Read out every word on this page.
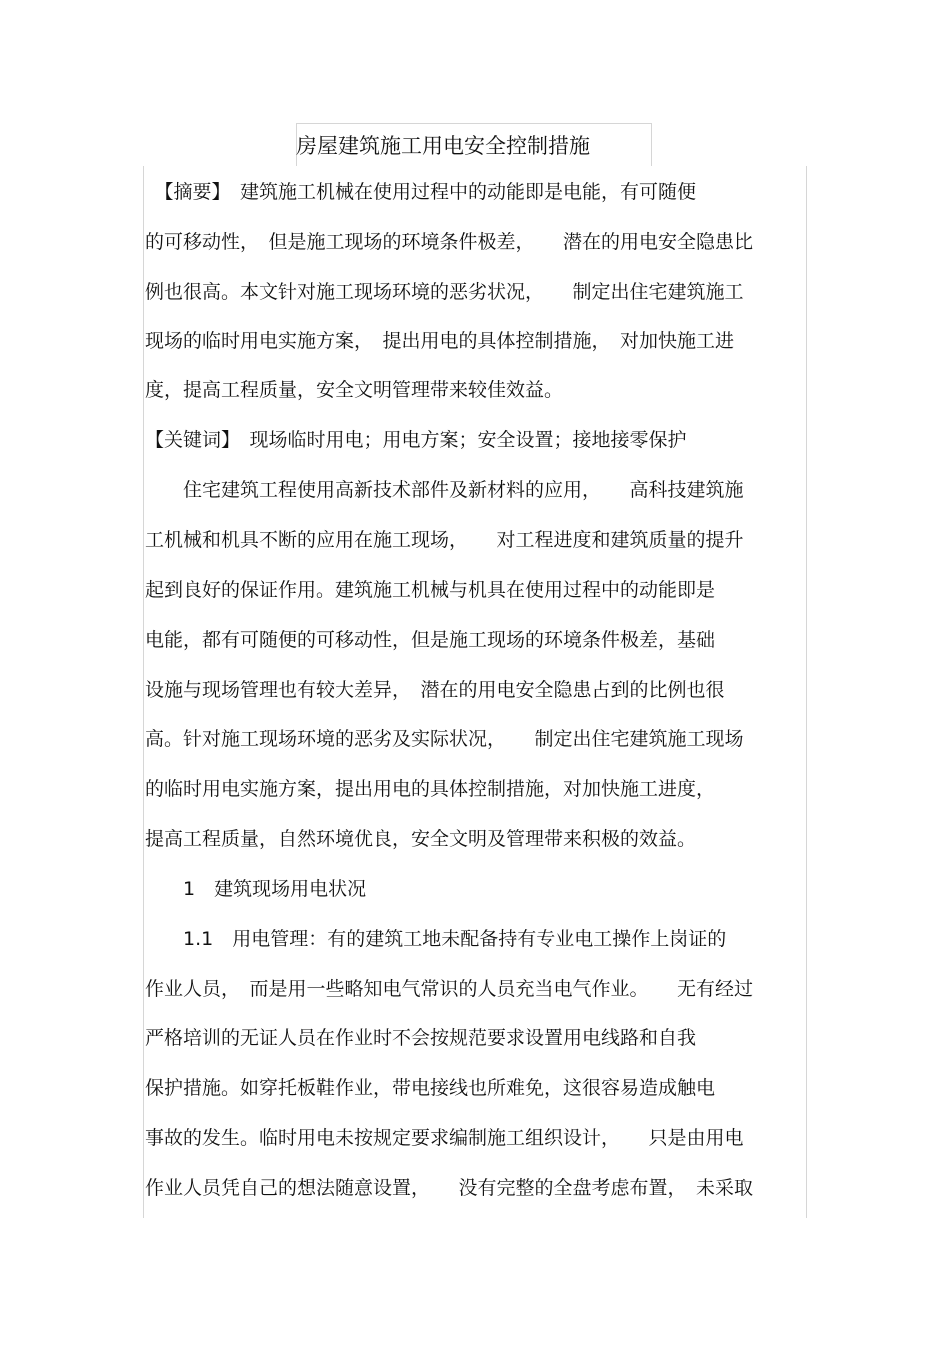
房屋建筑施工用电安全控制措施
　【摘要】　建筑施工机械在使用过程中的动能即是电能，有可随便
的可移动性，　但是施工现场的环境条件极差，　　潜在的用电安全隐患比
例也很高。本文针对施工现场环境的恶劣状况，　　制定出住宅建筑施工
现场的临时用电实施方案，　提出用电的具体控制措施，　对加快施工进
度，提高工程质量，安全文明管理带来较佳效益。
【关键词】　现场临时用电；用电方案；安全设置；接地接零保护
　　住宅建筑工程使用高新技术部件及新材料的应用，　　高科技建筑施
工机械和机具不断的应用在施工现场，　　对工程进度和建筑质量的提升
起到良好的保证作用。建筑施工机械与机具在使用过程中的动能即是
电能，都有可随便的可移动性，但是施工现场的环境条件极差，基础
设施与现场管理也有较大差异，　潜在的用电安全隐患占到的比例也很
高。针对施工现场环境的恶劣及实际状况，　　制定出住宅建筑施工现场
的临时用电实施方案，提出用电的具体控制措施，对加快施工进度，
提高工程质量，自然环境优良，安全文明及管理带来积极的效益。
　　1　建筑现场用电状况
　　1.1　用电管理：有的建筑工地未配备持有专业电工操作上岗证的
作业人员，　而是用一些略知电气常识的人员充当电气作业。　　无有经过
严格培训的无证人员在作业时不会按规范要求设置用电线路和自我
保护措施。如穿托板鞋作业，带电接线也所难免，这很容易造成触电
事故的发生。临时用电未按规定要求编制施工组织设计，　　只是由用电
作业人员凭自己的想法随意设置，　　没有完整的全盘考虑布置，　未采取
